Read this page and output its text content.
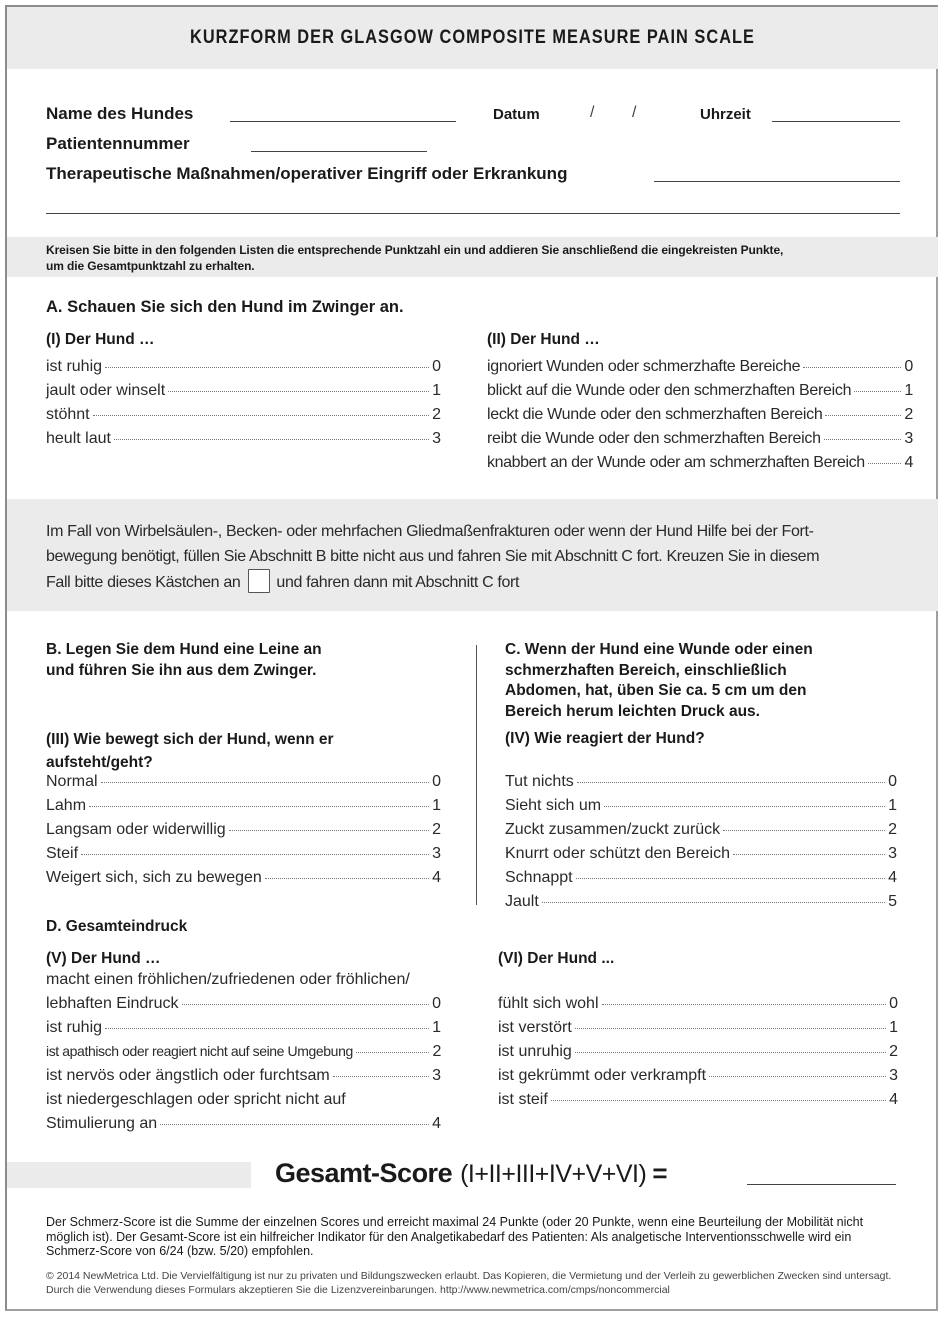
KURZFORM DER GLASGOW COMPOSITE MEASURE PAIN SCALE
Name des Hundes	Datum	/ /	Uhrzeit
Patientennummer
Therapeutische Maßnahmen/operativer Eingriff oder Erkrankung
Kreisen Sie bitte in den folgenden Listen die entsprechende Punktzahl ein und addieren Sie anschließend die eingekreisten Punkte,
um die Gesamtpunktzahl zu erhalten.
A. Schauen Sie sich den Hund im Zwinger an.
(I) Der Hund …	(II) Der Hund …
ist ruhig	0
jault oder winselt	1
stöhnt	2
heult laut	3
ignoriert Wunden oder schmerzhafte Bereiche	0
blickt auf die Wunde oder den schmerzhaften Bereich	1
leckt die Wunde oder den schmerzhaften Bereich	2
reibt die Wunde oder den schmerzhaften Bereich	3
knabbert an der Wunde oder am schmerzhaften Bereich 4
Im Fall von Wirbelsäulen-, Becken- oder mehrfachen Gliedmaßenfrakturen oder wenn der Hund Hilfe bei der Fort-
bewegung benötigt, füllen Sie Abschnitt B bitte nicht aus und fahren Sie mit Abschnitt C fort. Kreuzen Sie in diesem
Fall bitte dieses Kästchen an und fahren dann mit Abschnitt C fort
B. Legen Sie dem Hund eine Leine an
und führen Sie ihn aus dem Zwinger.
(III) Wie bewegt sich der Hund, wenn er
aufsteht/geht?
Normal	0
Lahm	1
Langsam oder widerwillig	2
Steif	3
Weigert sich, sich zu bewegen	4
C. Wenn der Hund eine Wunde oder einen
schmerzhaften Bereich, einschließlich
Abdomen, hat, üben Sie ca. 5 cm um den
Bereich herum leichten Druck aus.
(IV) Wie reagiert der Hund?
Tut nichts	0
Sieht sich um	1
Zuckt zusammen/zuckt zurück	2
Knurrt oder schützt den Bereich	3
Schnappt	4
Jault	5
D. Gesamteindruck
(V) Der Hund …
macht einen fröhlichen/zufriedenen oder fröhlichen/
lebhaften Eindruck	0
ist ruhig	1
ist apathisch oder reagiert nicht auf seine Umgebung	2
ist nervös oder ängstlich oder furchtsam	3
ist niedergeschlagen oder spricht nicht auf
Stimulierung an	4
(VI) Der Hund ...
fühlt sich wohl	0
ist verstört	1
ist unruhig	2
ist gekrümmt oder verkrampft	3
ist steif	4
Gesamt-Score (I+II+III+IV+V+VI) =
Der Schmerz-Score ist die Summe der einzelnen Scores und erreicht maximal 24 Punkte (oder 20 Punkte, wenn eine Beurteilung der Mobilität nicht möglich ist). Der Gesamt-Score ist ein hilfreicher Indikator für den Analgetikabedarf des Patienten: Als analgetische Interventionsschwelle wird ein Schmerz-Score von 6/24 (bzw. 5/20) empfohlen.
© 2014 NewMetrica Ltd. Die Vervielfältigung ist nur zu privaten und Bildungszwecken erlaubt. Das Kopieren, die Vermietung und der Verleih zu gewerblichen Zwecken sind untersagt. Durch die Verwendung dieses Formulars akzeptieren Sie die Lizenzvereinbarungen. http://www.newmetrica.com/cmps/noncommercial
